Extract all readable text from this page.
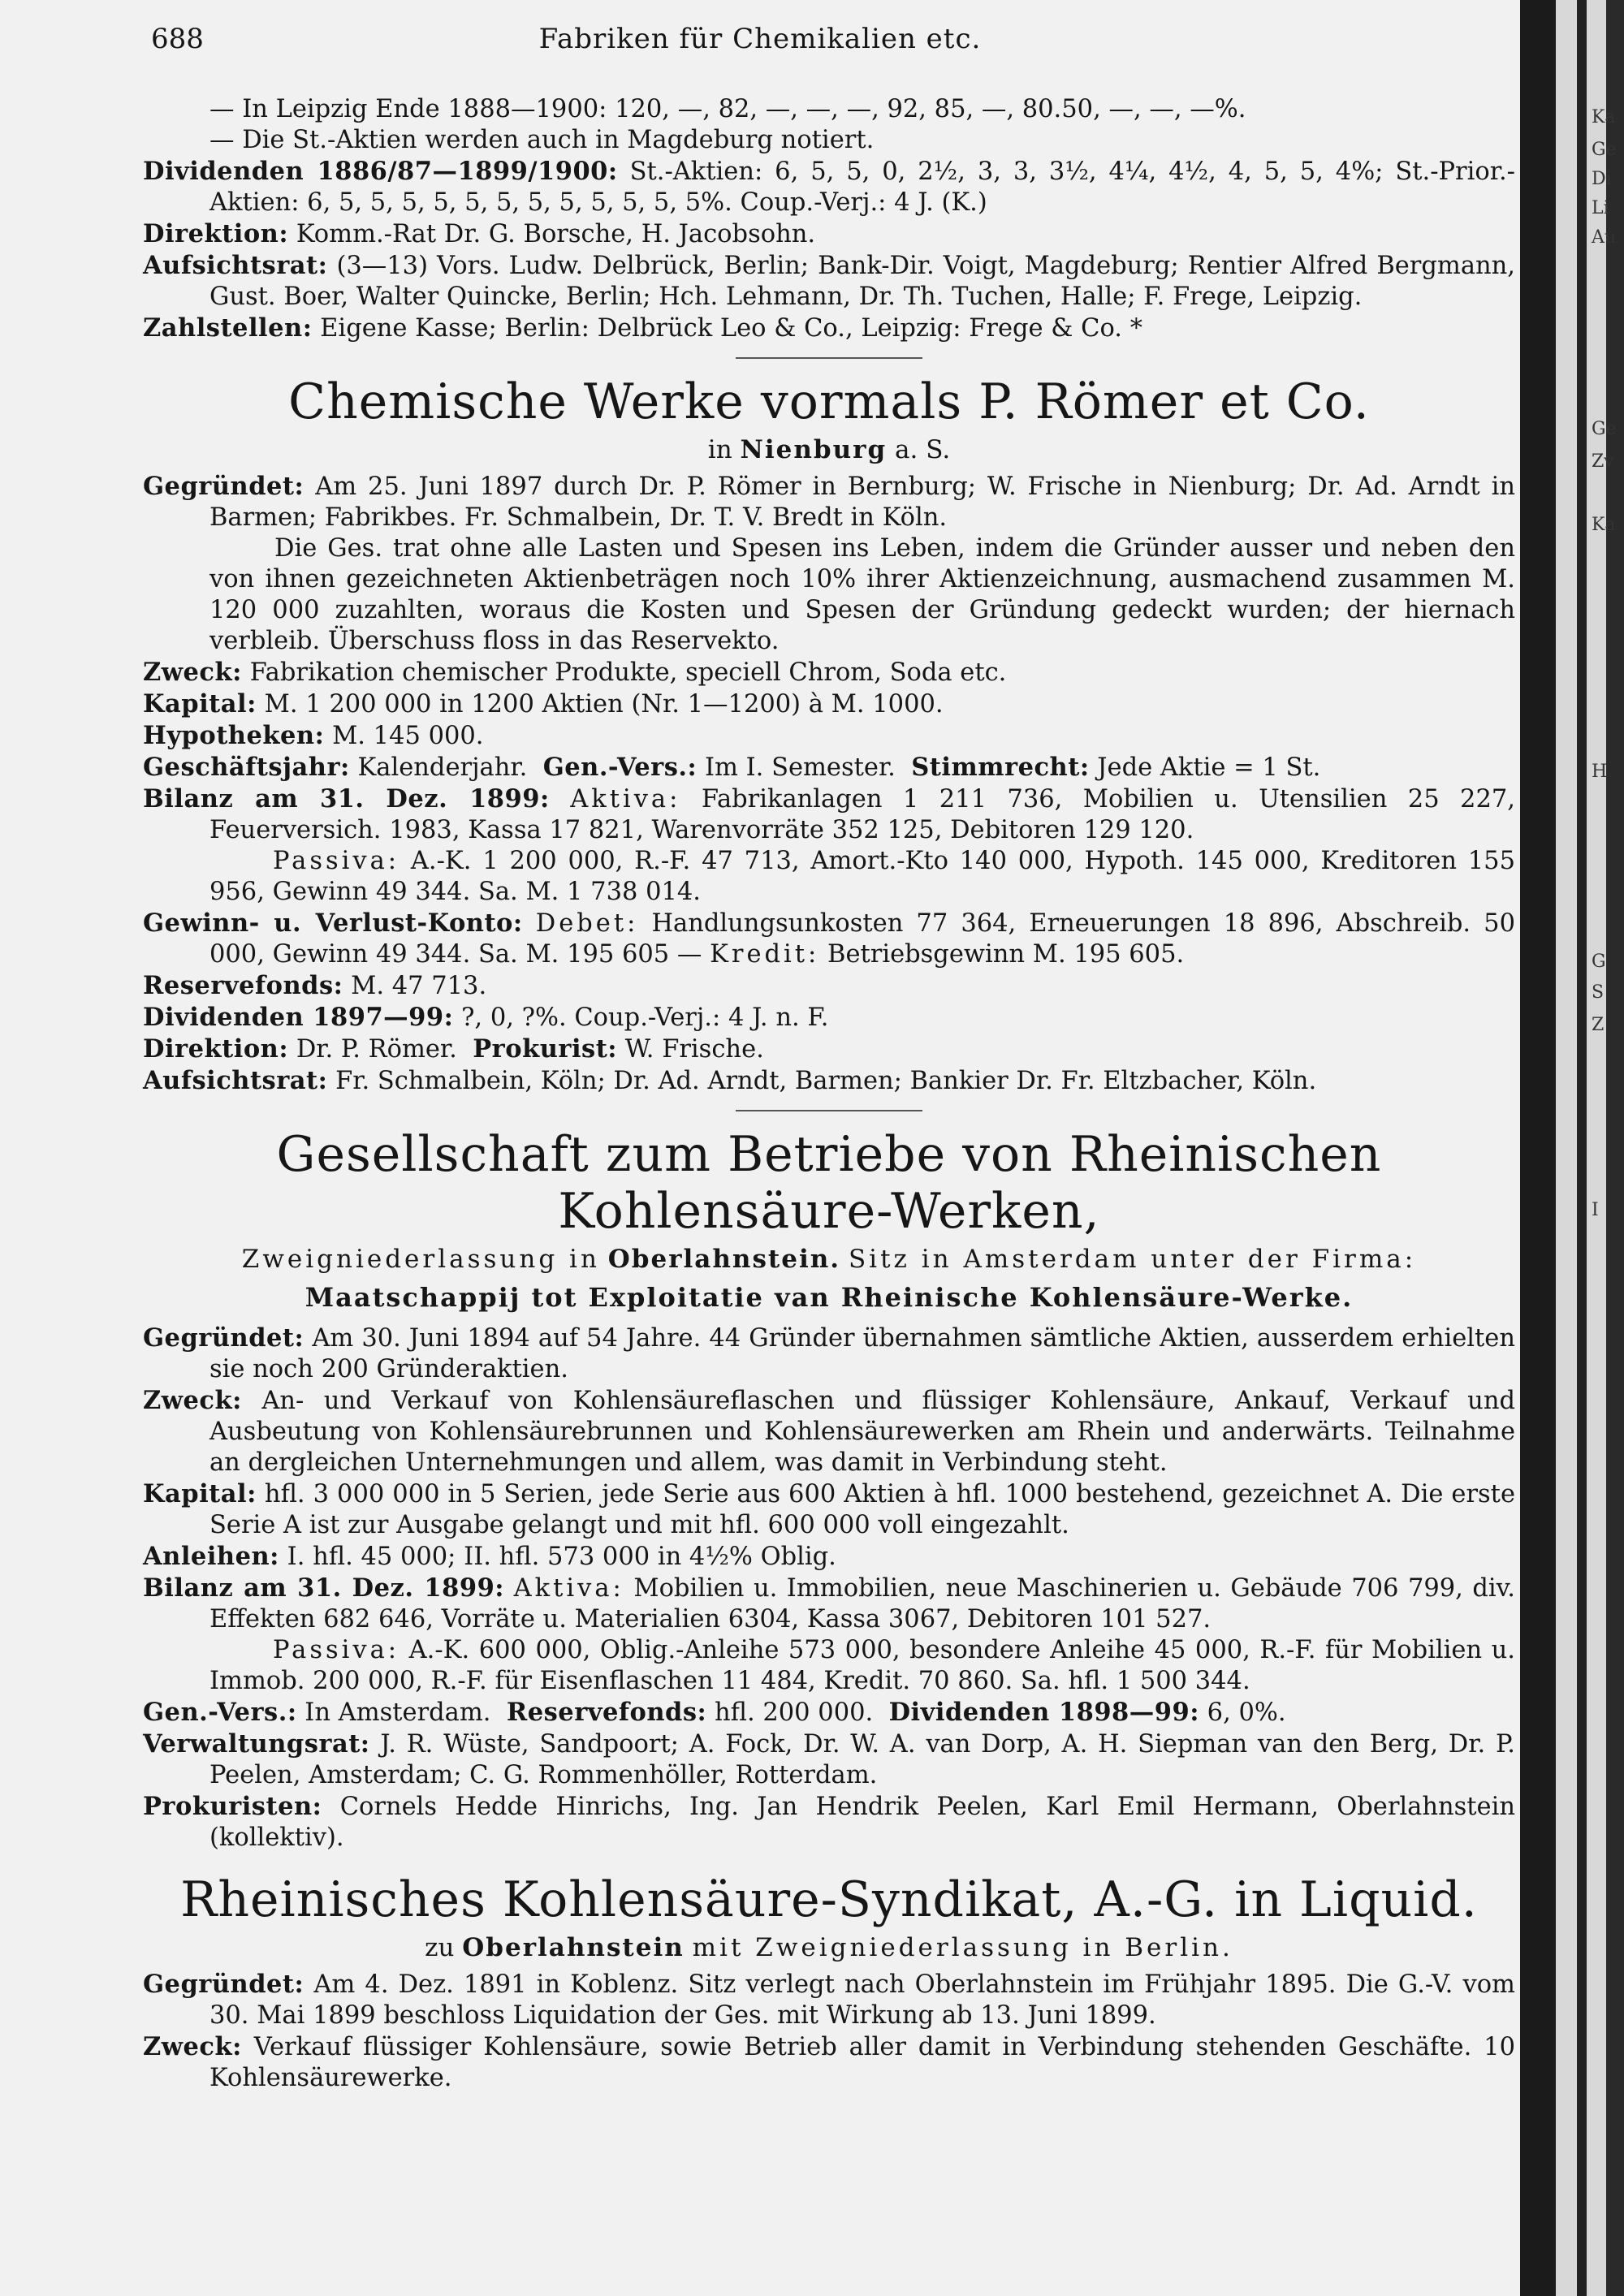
688	Fabriken für Chemikalien etc.

— In Leipzig Ende 1888—1900: 120, —, 82, —, —, —, 92, 85, —, 80.50, —, —, —%.

— Die St.-Aktien werden auch in Magdeburg notiert.

Dividenden 1886/87—1899/1900: St.-Aktien: 6, 5, 5, 0, 2½, 3, 3, 3½, 4¼, 4½, 4, 5, 5, 4%; St.-Prior.-Aktien: 6, 5, 5, 5, 5, 5, 5, 5, 5, 5, 5, 5, 5%. Coup.-Verj.: 4 J. (K.)

Direktion: Komm.-Rat Dr. G. Borsche, H. Jacobsohn.

Aufsichtsrat: (3—13) Vors. Ludw. Delbrück, Berlin; Bank-Dir. Voigt, Magdeburg; Rentier Alfred Bergmann, Gust. Boer, Walter Quincke, Berlin; Hch. Lehmann, Dr. Th. Tuchen, Halle; F. Frege, Leipzig.

Zahlstellen: Eigene Kasse; Berlin: Delbrück Leo & Co., Leipzig: Frege & Co. *

Chemische Werke vormals P. Römer et Co.
in Nienburg a. S.

Gegründet: Am 25. Juni 1897 durch Dr. P. Römer in Bernburg; W. Frische in Nienburg; Dr. Ad. Arndt in Barmen; Fabrikbes. Fr. Schmalbein, Dr. T. V. Bredt in Köln.

Die Ges. trat ohne alle Lasten und Spesen ins Leben, indem die Gründer ausser und neben den von ihnen gezeichneten Aktienbeträgen noch 10% ihrer Aktienzeichnung, ausmachend zusammen M. 120 000 zuzahlten, woraus die Kosten und Spesen der Gründung gedeckt wurden; der hiernach verbleib. Überschuss floss in das Reservekto.

Zweck: Fabrikation chemischer Produkte, speciell Chrom, Soda etc.

Kapital: M. 1 200 000 in 1200 Aktien (Nr. 1—1200) à M. 1000.

Hypotheken: M. 145 000.

Geschäftsjahr: Kalenderjahr. Gen.-Vers.: Im I. Semester. Stimmrecht: Jede Aktie = 1 St.

Bilanz am 31. Dez. 1899: Aktiva: Fabrikanlagen 1 211 736, Mobilien u. Utensilien 25 227, Feuerversich. 1983, Kassa 17 821, Warenvorräte 352 125, Debitoren 129 120.

Passiva: A.-K. 1 200 000, R.-F. 47 713, Amort.-Kto 140 000, Hypoth. 145 000, Kreditoren 155 956, Gewinn 49 344. Sa. M. 1 738 014.

Gewinn- u. Verlust-Konto: Debet: Handlungsunkosten 77 364, Erneuerungen 18 896, Abschreib. 50 000, Gewinn 49 344. Sa. M. 195 605 — Kredit: Betriebsgewinn M. 195 605.

Reservefonds: M. 47 713.

Dividenden 1897—99: ?, 0, ?%. Coup.-Verj.: 4 J. n. F.

Direktion: Dr. P. Römer. Prokurist: W. Frische.

Aufsichtsrat: Fr. Schmalbein, Köln; Dr. Ad. Arndt, Barmen; Bankier Dr. Fr. Eltzbacher, Köln.

Gesellschaft zum Betriebe von Rheinischen
Kohlensäure-Werken,
Zweigniederlassung in Oberlahnstein. Sitz in Amsterdam unter der Firma:
Maatschappij tot Exploitatie van Rheinische Kohlensäure-Werke.

Gegründet: Am 30. Juni 1894 auf 54 Jahre. 44 Gründer übernahmen sämtliche Aktien, ausserdem erhielten sie noch 200 Gründeraktien.

Zweck: An- und Verkauf von Kohlensäureflaschen und flüssiger Kohlensäure, Ankauf, Verkauf und Ausbeutung von Kohlensäurebrunnen und Kohlensäurewerken am Rhein und anderwärts. Teilnahme an dergleichen Unternehmungen und allem, was damit in Verbindung steht.

Kapital: hfl. 3 000 000 in 5 Serien, jede Serie aus 600 Aktien à hfl. 1000 bestehend, gezeichnet A. Die erste Serie A ist zur Ausgabe gelangt und mit hfl. 600 000 voll eingezahlt.

Anleihen: I. hfl. 45 000; II. hfl. 573 000 in 4½% Oblig.

Bilanz am 31. Dez. 1899: Aktiva: Mobilien u. Immobilien, neue Maschinerien u. Gebäude 706 799, div. Effekten 682 646, Vorräte u. Materialien 6304, Kassa 3067, Debitoren 101 527.

Passiva: A.-K. 600 000, Oblig.-Anleihe 573 000, besondere Anleihe 45 000, R.-F. für Mobilien u. Immob. 200 000, R.-F. für Eisenflaschen 11 484, Kredit. 70 860. Sa. hfl. 1 500 344.

Gen.-Vers.: In Amsterdam. Reservefonds: hfl. 200 000. Dividenden 1898—99: 6, 0%.

Verwaltungsrat: J. R. Wüste, Sandpoort; A. Fock, Dr. W. A. van Dorp, A. H. Siepman van den Berg, Dr. P. Peelen, Amsterdam; C. G. Rommenhöller, Rotterdam.

Prokuristen: Cornels Hedde Hinrichs, Ing. Jan Hendrik Peelen, Karl Emil Hermann, Oberlahnstein (kollektiv).

Rheinisches Kohlensäure-Syndikat, A.-G. in Liquid.
zu Oberlahnstein mit Zweigniederlassung in Berlin.

Gegründet: Am 4. Dez. 1891 in Koblenz. Sitz verlegt nach Oberlahnstein im Frühjahr 1895. Die G.-V. vom 30. Mai 1899 beschloss Liquidation der Ges. mit Wirkung ab 13. Juni 1899.

Zweck: Verkauf flüssiger Kohlensäure, sowie Betrieb aller damit in Verbindung stehenden Geschäfte. 10 Kohlensäurewerke.

Ka
Ge
Di
Li
Au
Ge
Zv
Ka
H
G
S
Z
I
